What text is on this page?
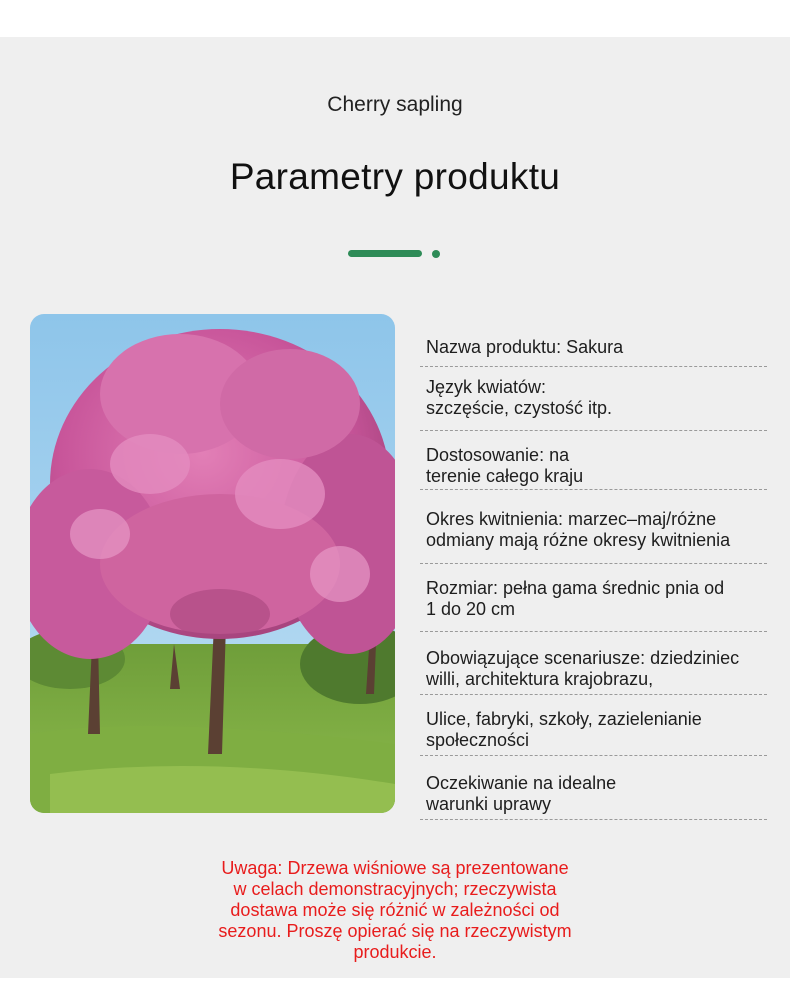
Cherry sapling
Parametry produktu
Nazwa produktu: Sakura
Język kwiatów:
szczęście, czystość itp.
Dostosowanie: na
terenie całego kraju
Okres kwitnienia: marzec–maj/różne
odmiany mają różne okresy kwitnienia
Rozmiar: pełna gama średnic pnia od
1 do 20 cm
Obowiązujące scenariusze: dziedziniec
willi, architektura krajobrazu,
Ulice, fabryki, szkoły, zazielenianie
społeczności
Oczekiwanie na idealne
warunki uprawy
Uwaga: Drzewa wiśniowe są prezentowane
w celach demonstracyjnych; rzeczywista
dostawa może się różnić w zależności od
sezonu. Proszę opierać się na rzeczywistym
produkcie.
